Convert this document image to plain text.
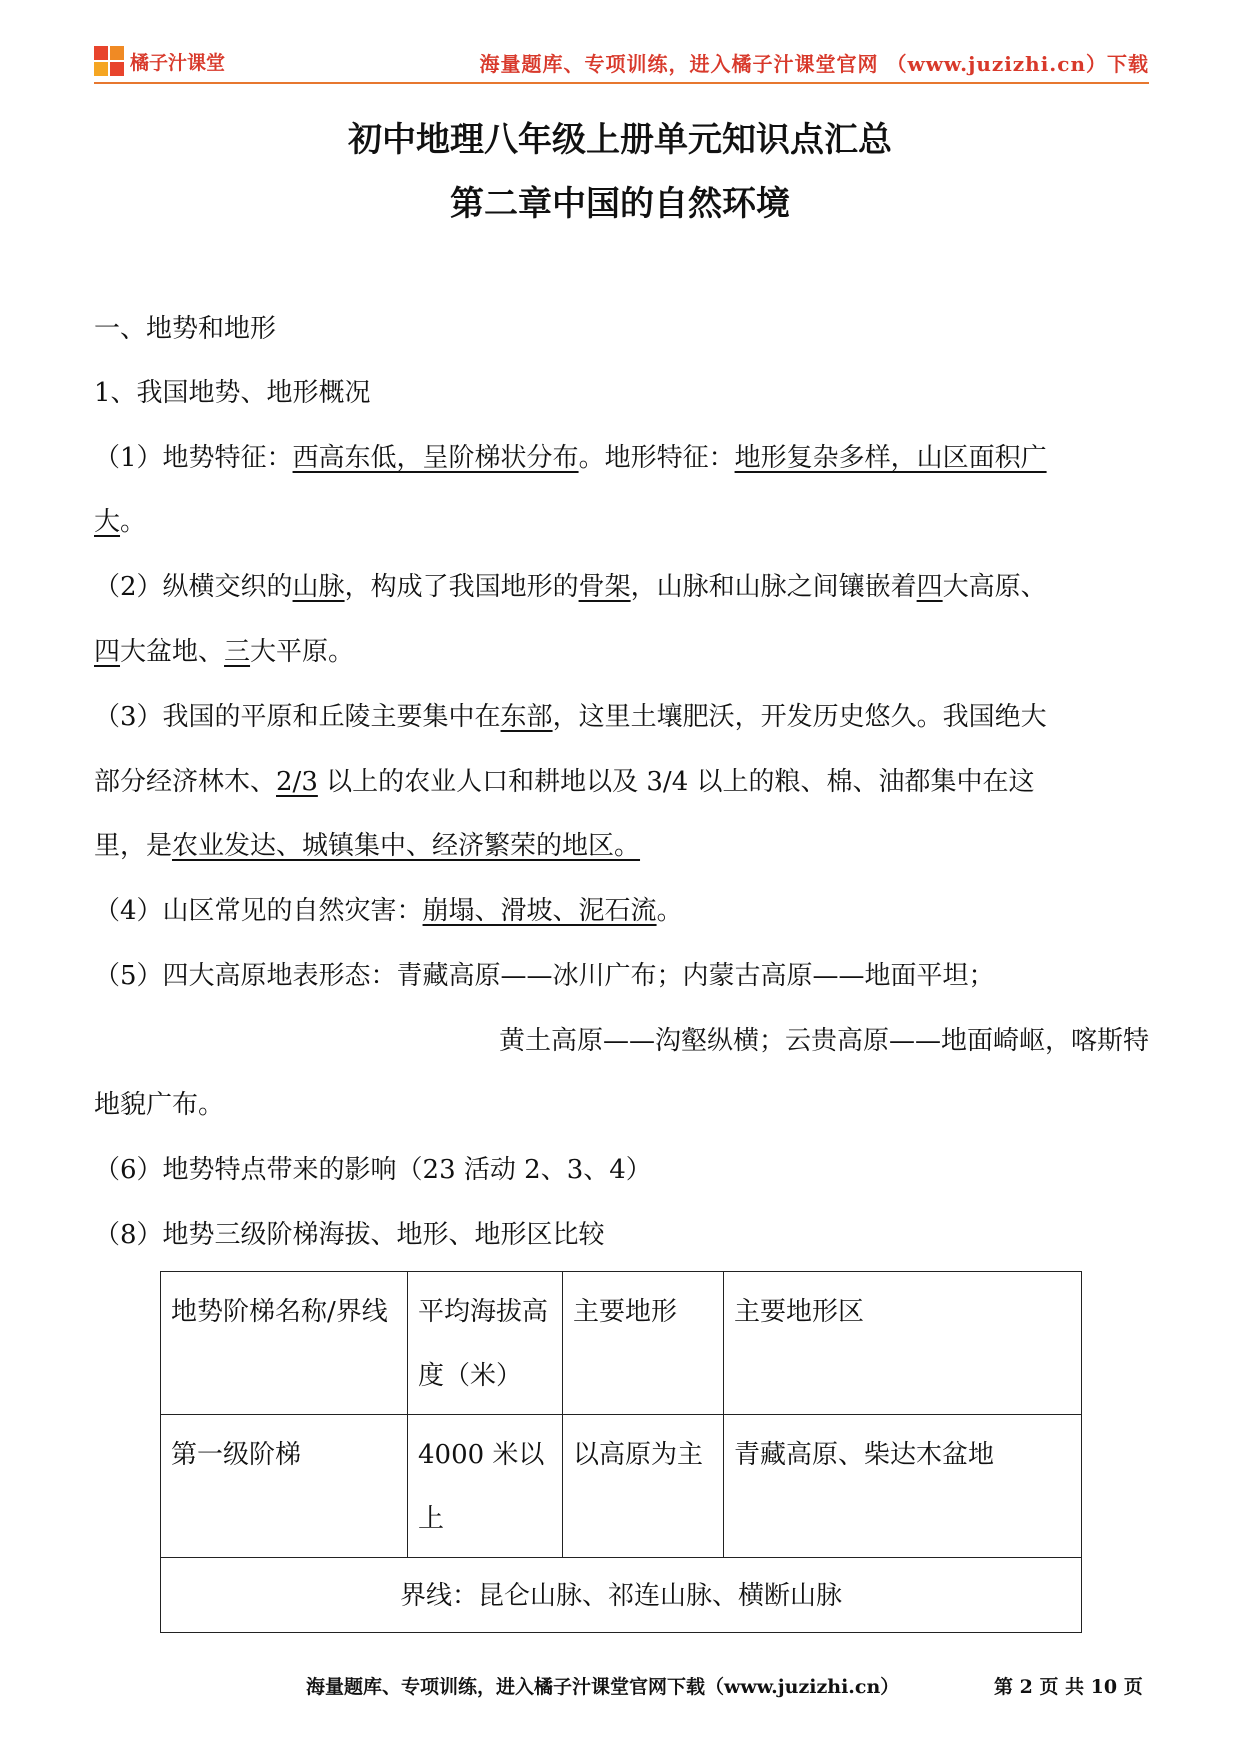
橘子汁课堂	海量题库、专项训练，进入橘子汁课堂官网 （www.juzizhi.cn）下载
初中地理八年级上册单元知识点汇总
第二章中国的自然环境
一、地势和地形
1、我国地势、地形概况
（1）地势特征：西高东低，呈阶梯状分布。地形特征：地形复杂多样，山区面积广
大。
（2）纵横交织的山脉，构成了我国地形的骨架，山脉和山脉之间镶嵌着四大高原、
四大盆地、三大平原。
（3）我国的平原和丘陵主要集中在东部，这里土壤肥沃，开发历史悠久。我国绝大
部分经济林木、2/3 以上的农业人口和耕地以及 3/4 以上的粮、棉、油都集中在这
里，是农业发达、城镇集中、经济繁荣的地区。
（4）山区常见的自然灾害：崩塌、滑坡、泥石流。
（5）四大高原地表形态：青藏高原——冰川广布；内蒙古高原——地面平坦；
黄土高原——沟壑纵横；云贵高原——地面崎岖，喀斯特
地貌广布。
（6）地势特点带来的影响（23 活动 2、3、4）
（8）地势三级阶梯海拔、地形、地形区比较
地势阶梯名称/界线	平均海拔高度（米）	主要地形	主要地形区
第一级阶梯	4000 米以上	以高原为主	青藏高原、柴达木盆地
界线：昆仑山脉、祁连山脉、横断山脉			
海量题库、专项训练，进入橘子汁课堂官网下载（www.juzizhi.cn）	第 2 页 共 10 页
